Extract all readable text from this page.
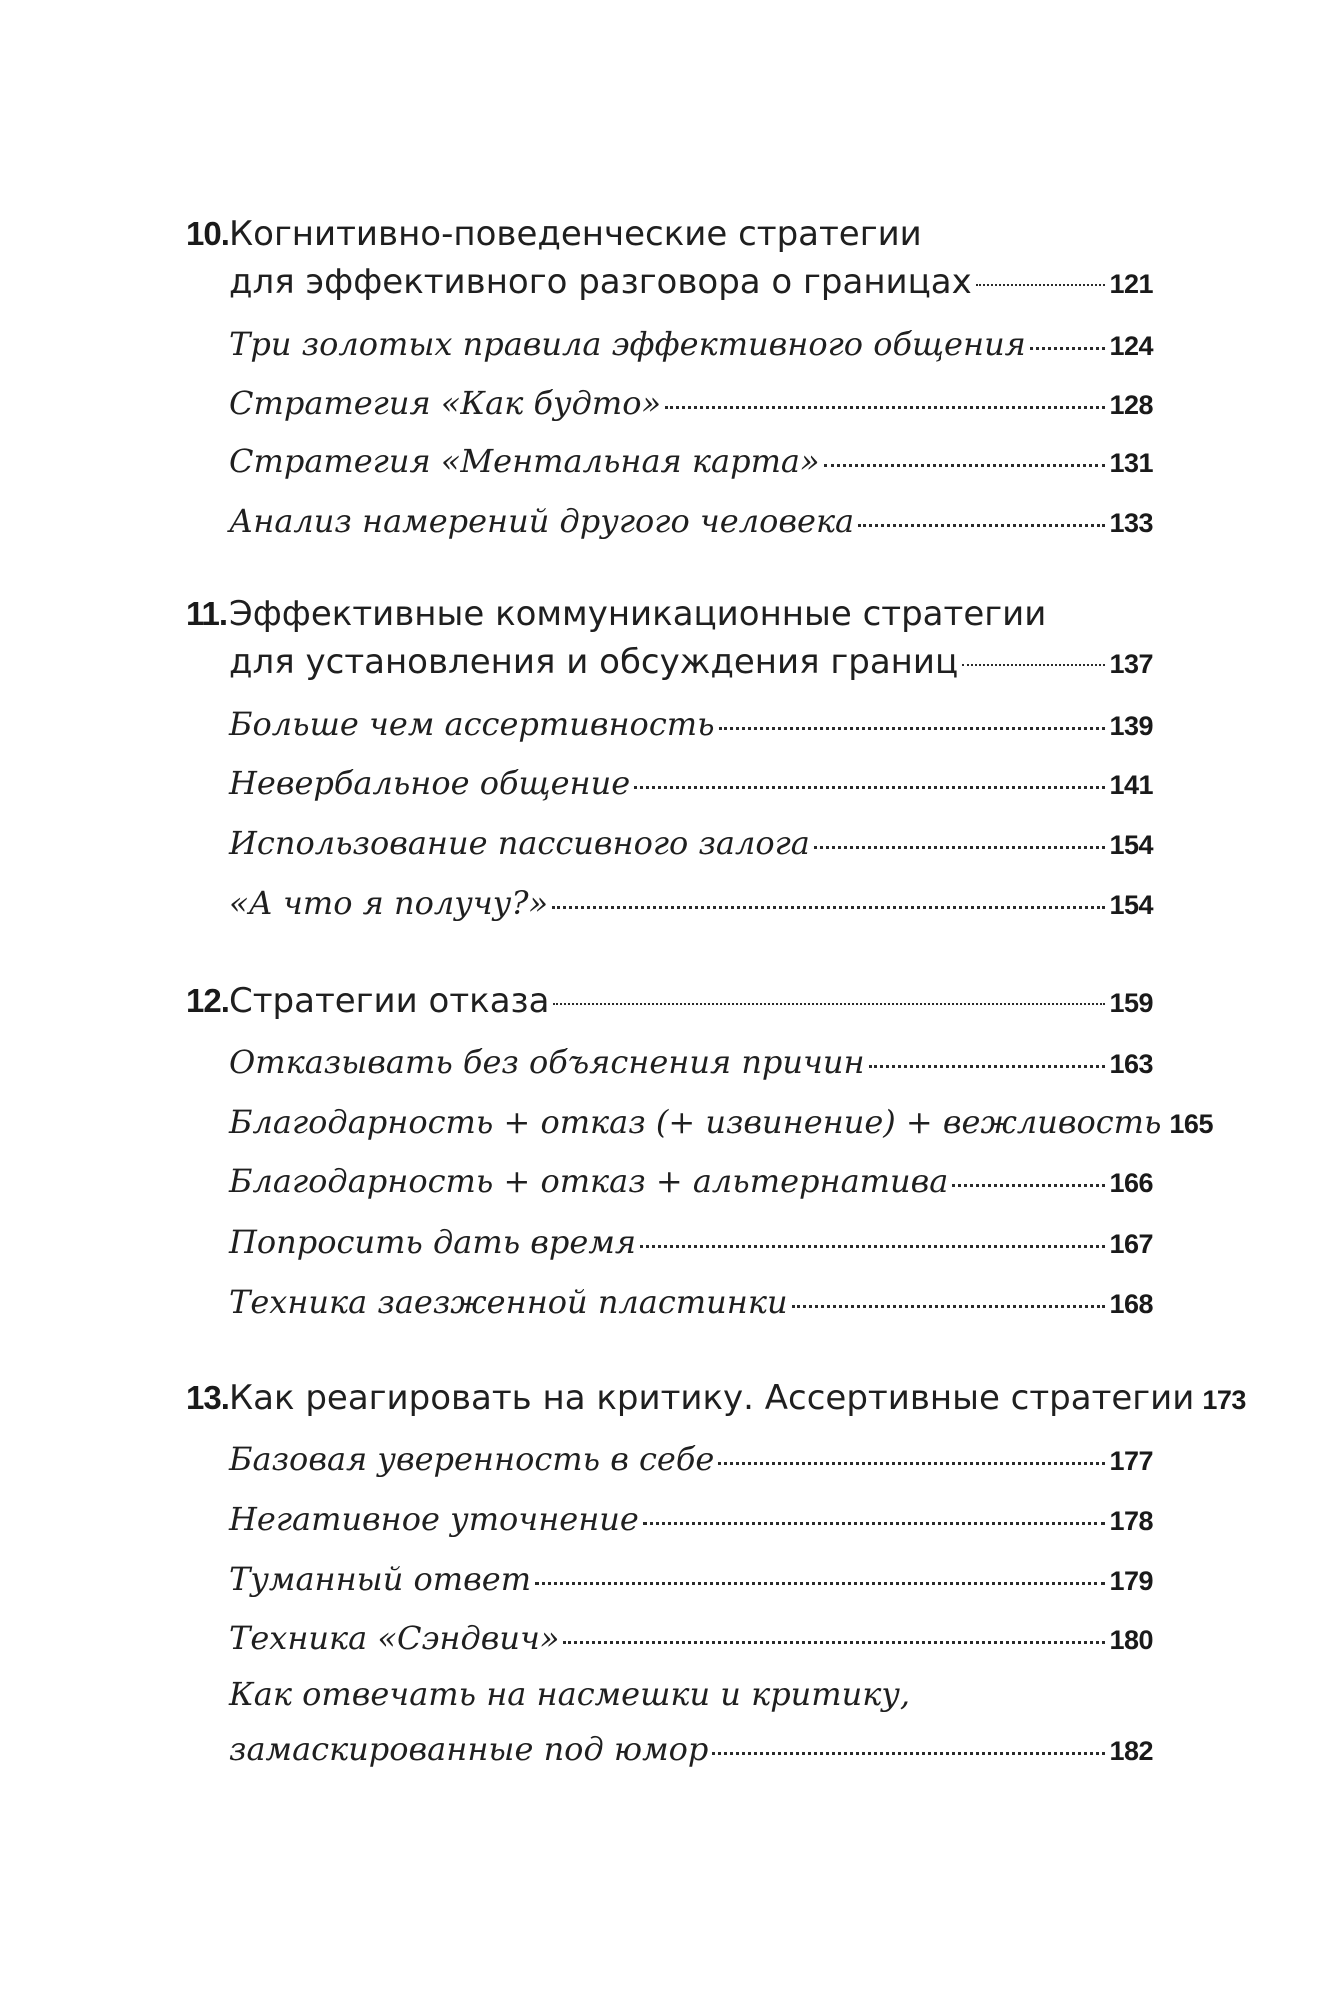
10. Когнитивно-поведенческие стратегии
для эффективного разговора о границах	121
Три золотых правила эффективного общения	124
Стратегия «Как будто»	128
Стратегия «Ментальная карта»	131
Анализ намерений другого человека	133
11. Эффективные коммуникационные стратегии
для установления и обсуждения границ	137
Больше чем ассертивность	139
Невербальное общение	141
Использование пассивного залога	154
«А что я получу?»	154
12. Стратегии отказа	159
Отказывать без объяснения причин	163
Благодарность + отказ (+ извинение) + вежливость 165
Благодарность + отказ + альтернатива	166
Попросить дать время	167
Техника заезженной пластинки	168
13. Как реагировать на критику. Ассертивные стратегии 173
Базовая уверенность в себе	177
Негативное уточнение	178
Туманный ответ	179
Техника «Сэндвич»	180
Как отвечать на насмешки и критику,
замаскированные под юмор	182
